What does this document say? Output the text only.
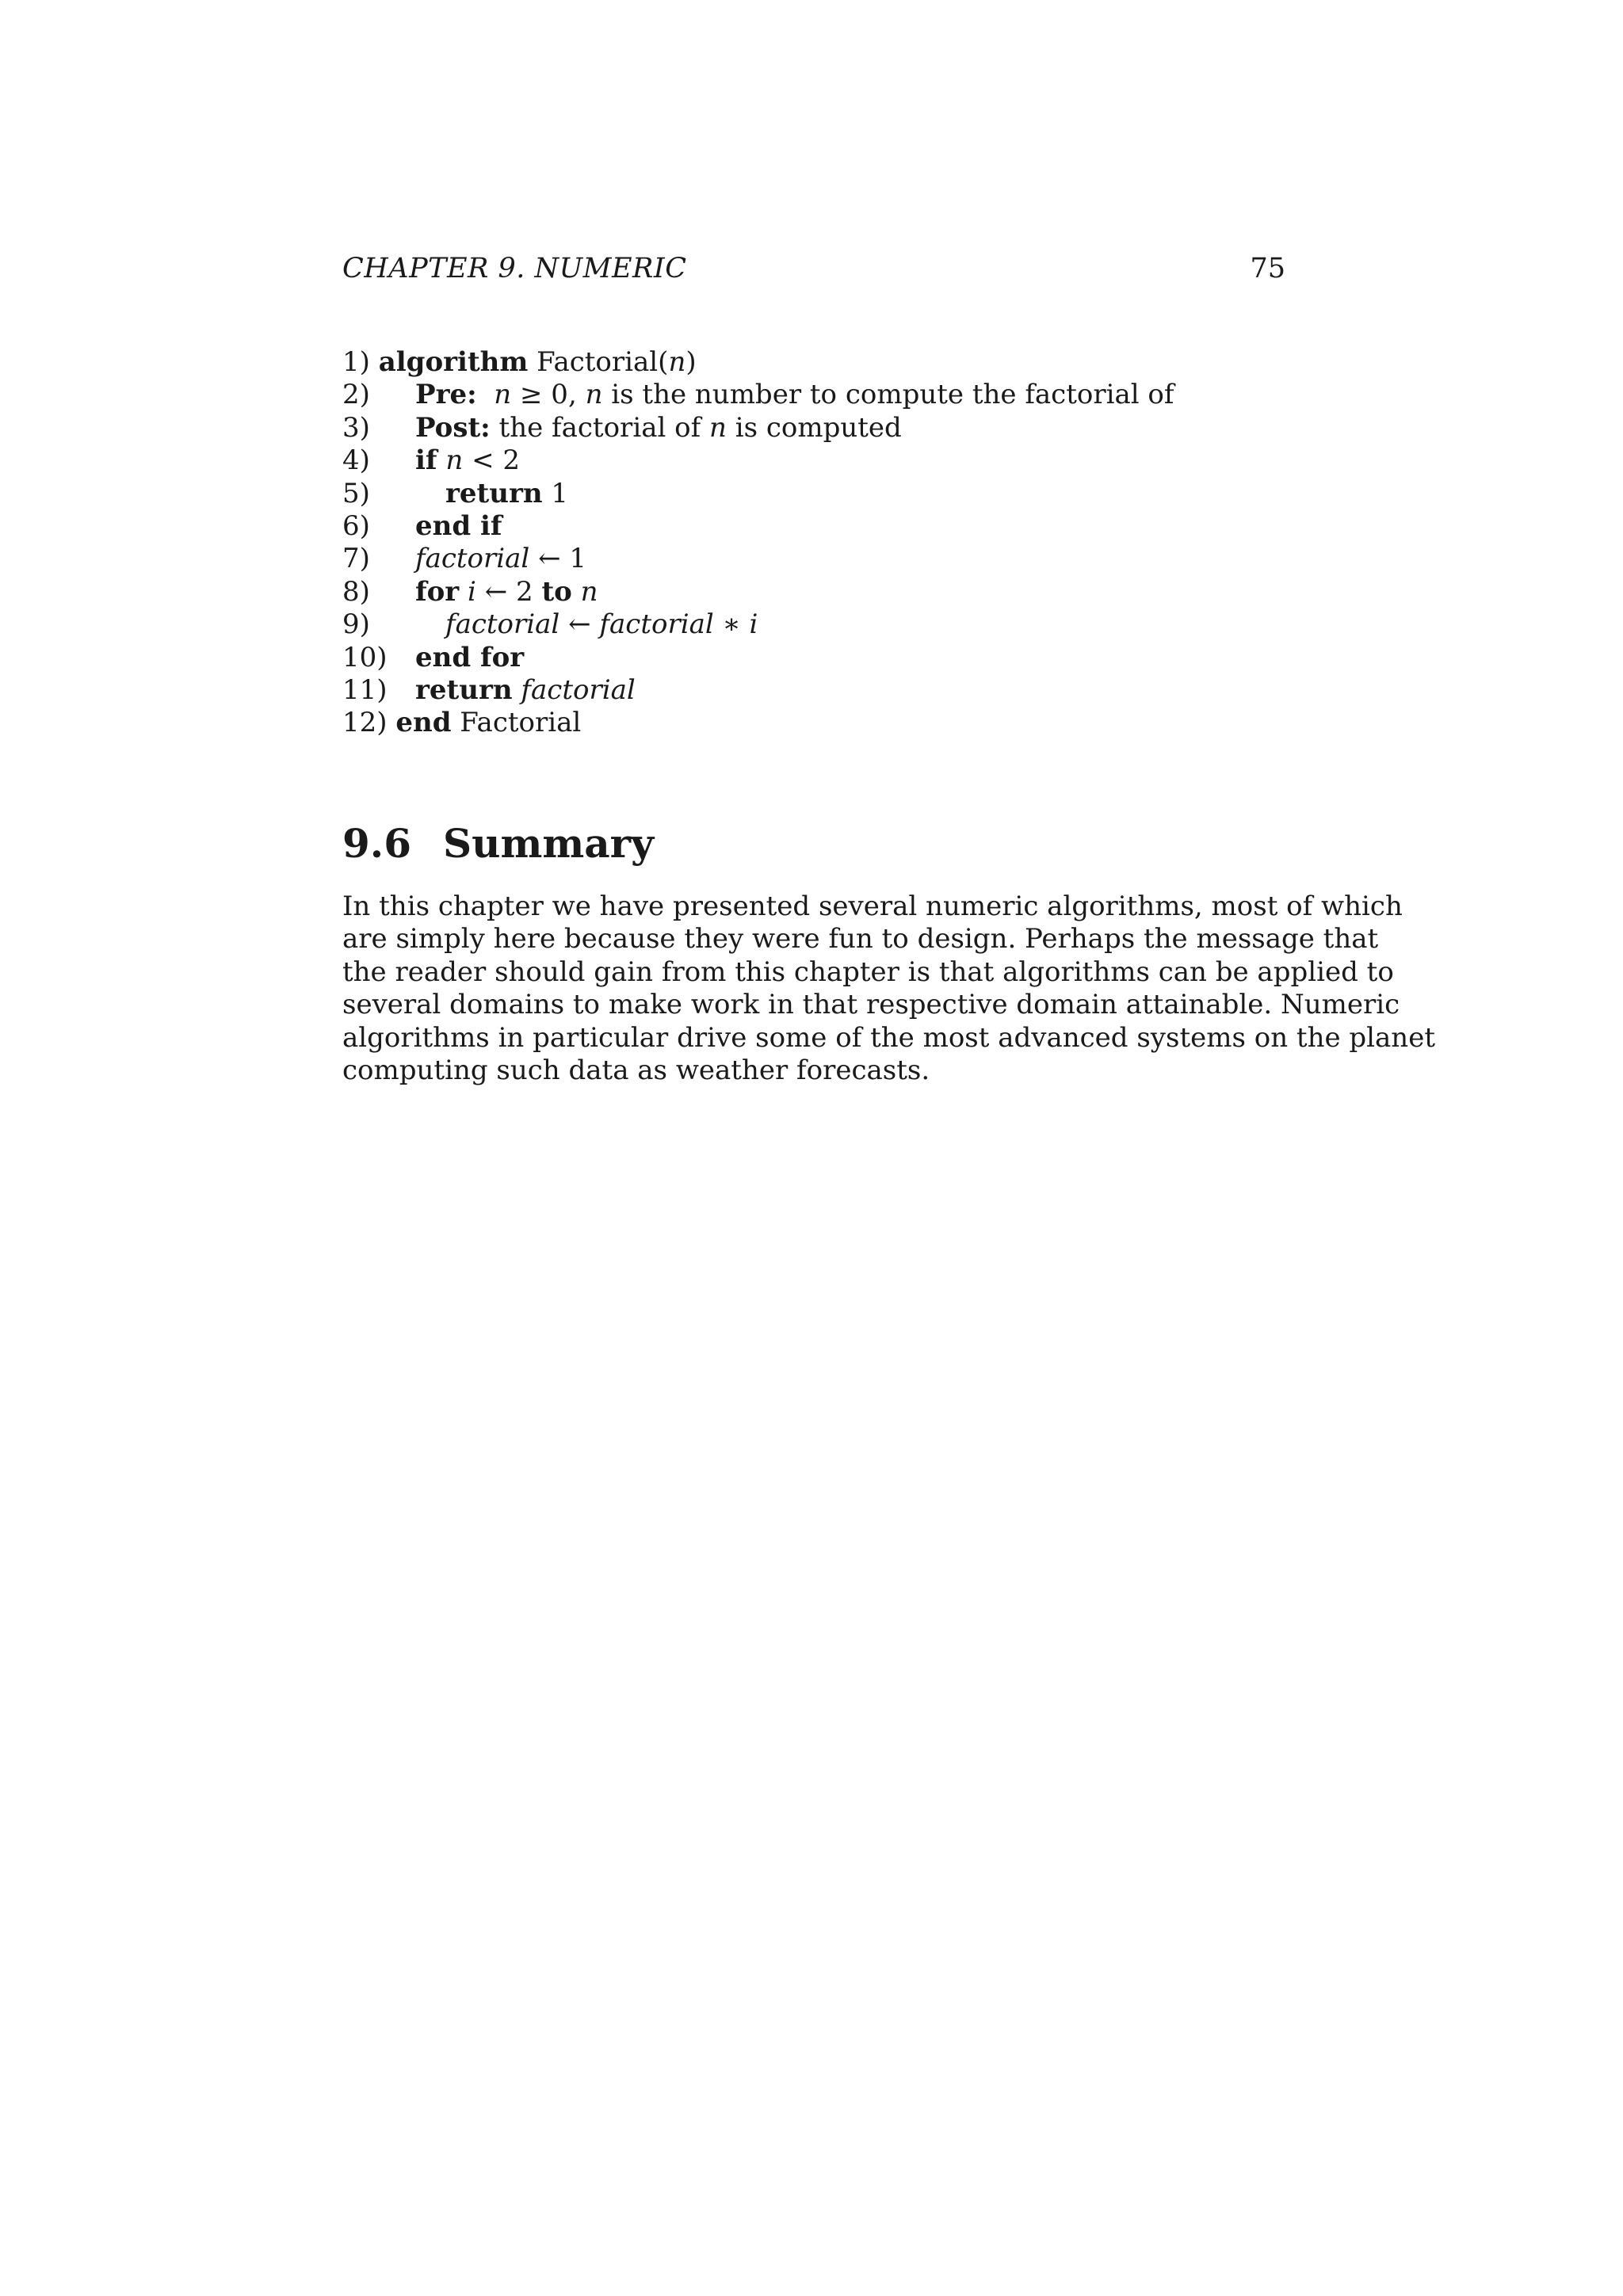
CHAPTER 9. NUMERIC	75
1) algorithm Factorial(n)
2) Pre: n ≥ 0, n is the number to compute the factorial of
3) Post: the factorial of n is computed
4) if n < 2
5)	return 1
6) end if
7) factorial ← 1
8) for i ← 2 to n
9)	factorial ← factorial ∗ i
10) end for
11) return factorial
12) end Factorial
9.6 Summary
In this chapter we have presented several numeric algorithms, most of which
are simply here because they were fun to design. Perhaps the message that
the reader should gain from this chapter is that algorithms can be applied to
several domains to make work in that respective domain attainable. Numeric
algorithms in particular drive some of the most advanced systems on the planet
computing such data as weather forecasts.
